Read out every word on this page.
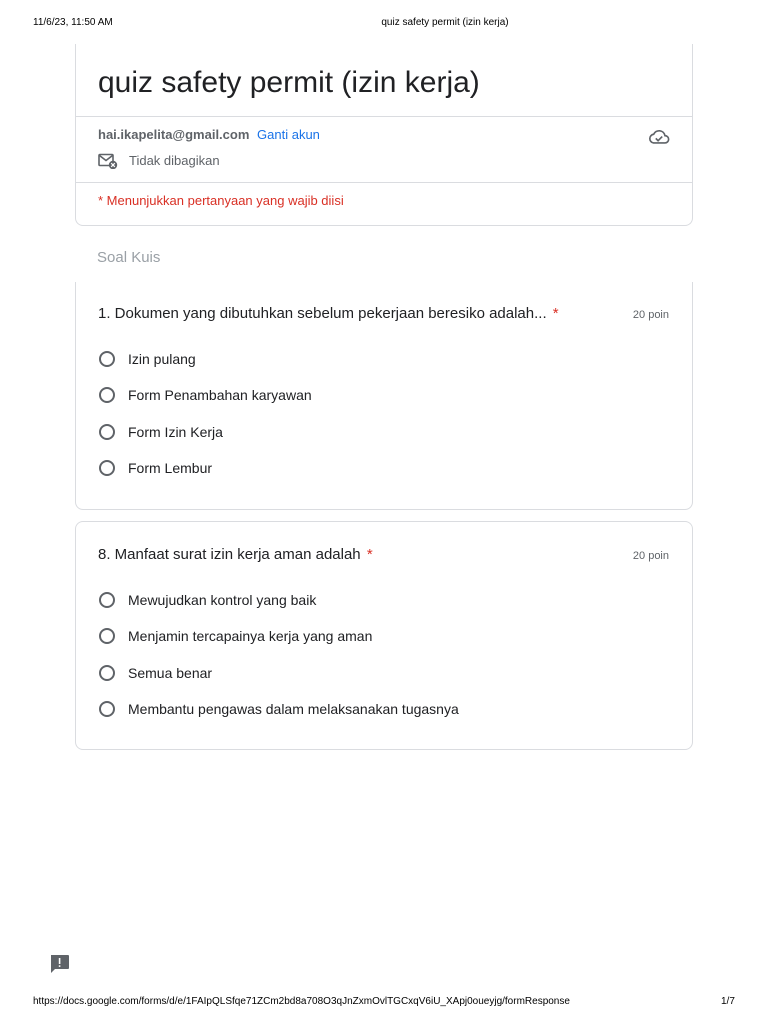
11/6/23, 11:50 AM	quiz safety permit (izin kerja)
quiz safety permit (izin kerja)
hai.ikapelita@gmail.com Ganti akun
Tidak dibagikan
* Menunjukkan pertanyaan yang wajib diisi
Soal Kuis
1. Dokumen yang dibutuhkan sebelum pekerjaan beresiko adalah... *	20 poin
Izin pulang
Form Penambahan karyawan
Form Izin Kerja
Form Lembur
8. Manfaat surat izin kerja aman adalah *	20 poin
Mewujudkan kontrol yang baik
Menjamin tercapainya kerja yang aman
Semua benar
Membantu pengawas dalam melaksanakan tugasnya
https://docs.google.com/forms/d/e/1FAIpQLSfqe71ZCm2bd8a708O3qJnZxmOvlTGCxqV6iU_XApj0oueyjg/formResponse	1/7
